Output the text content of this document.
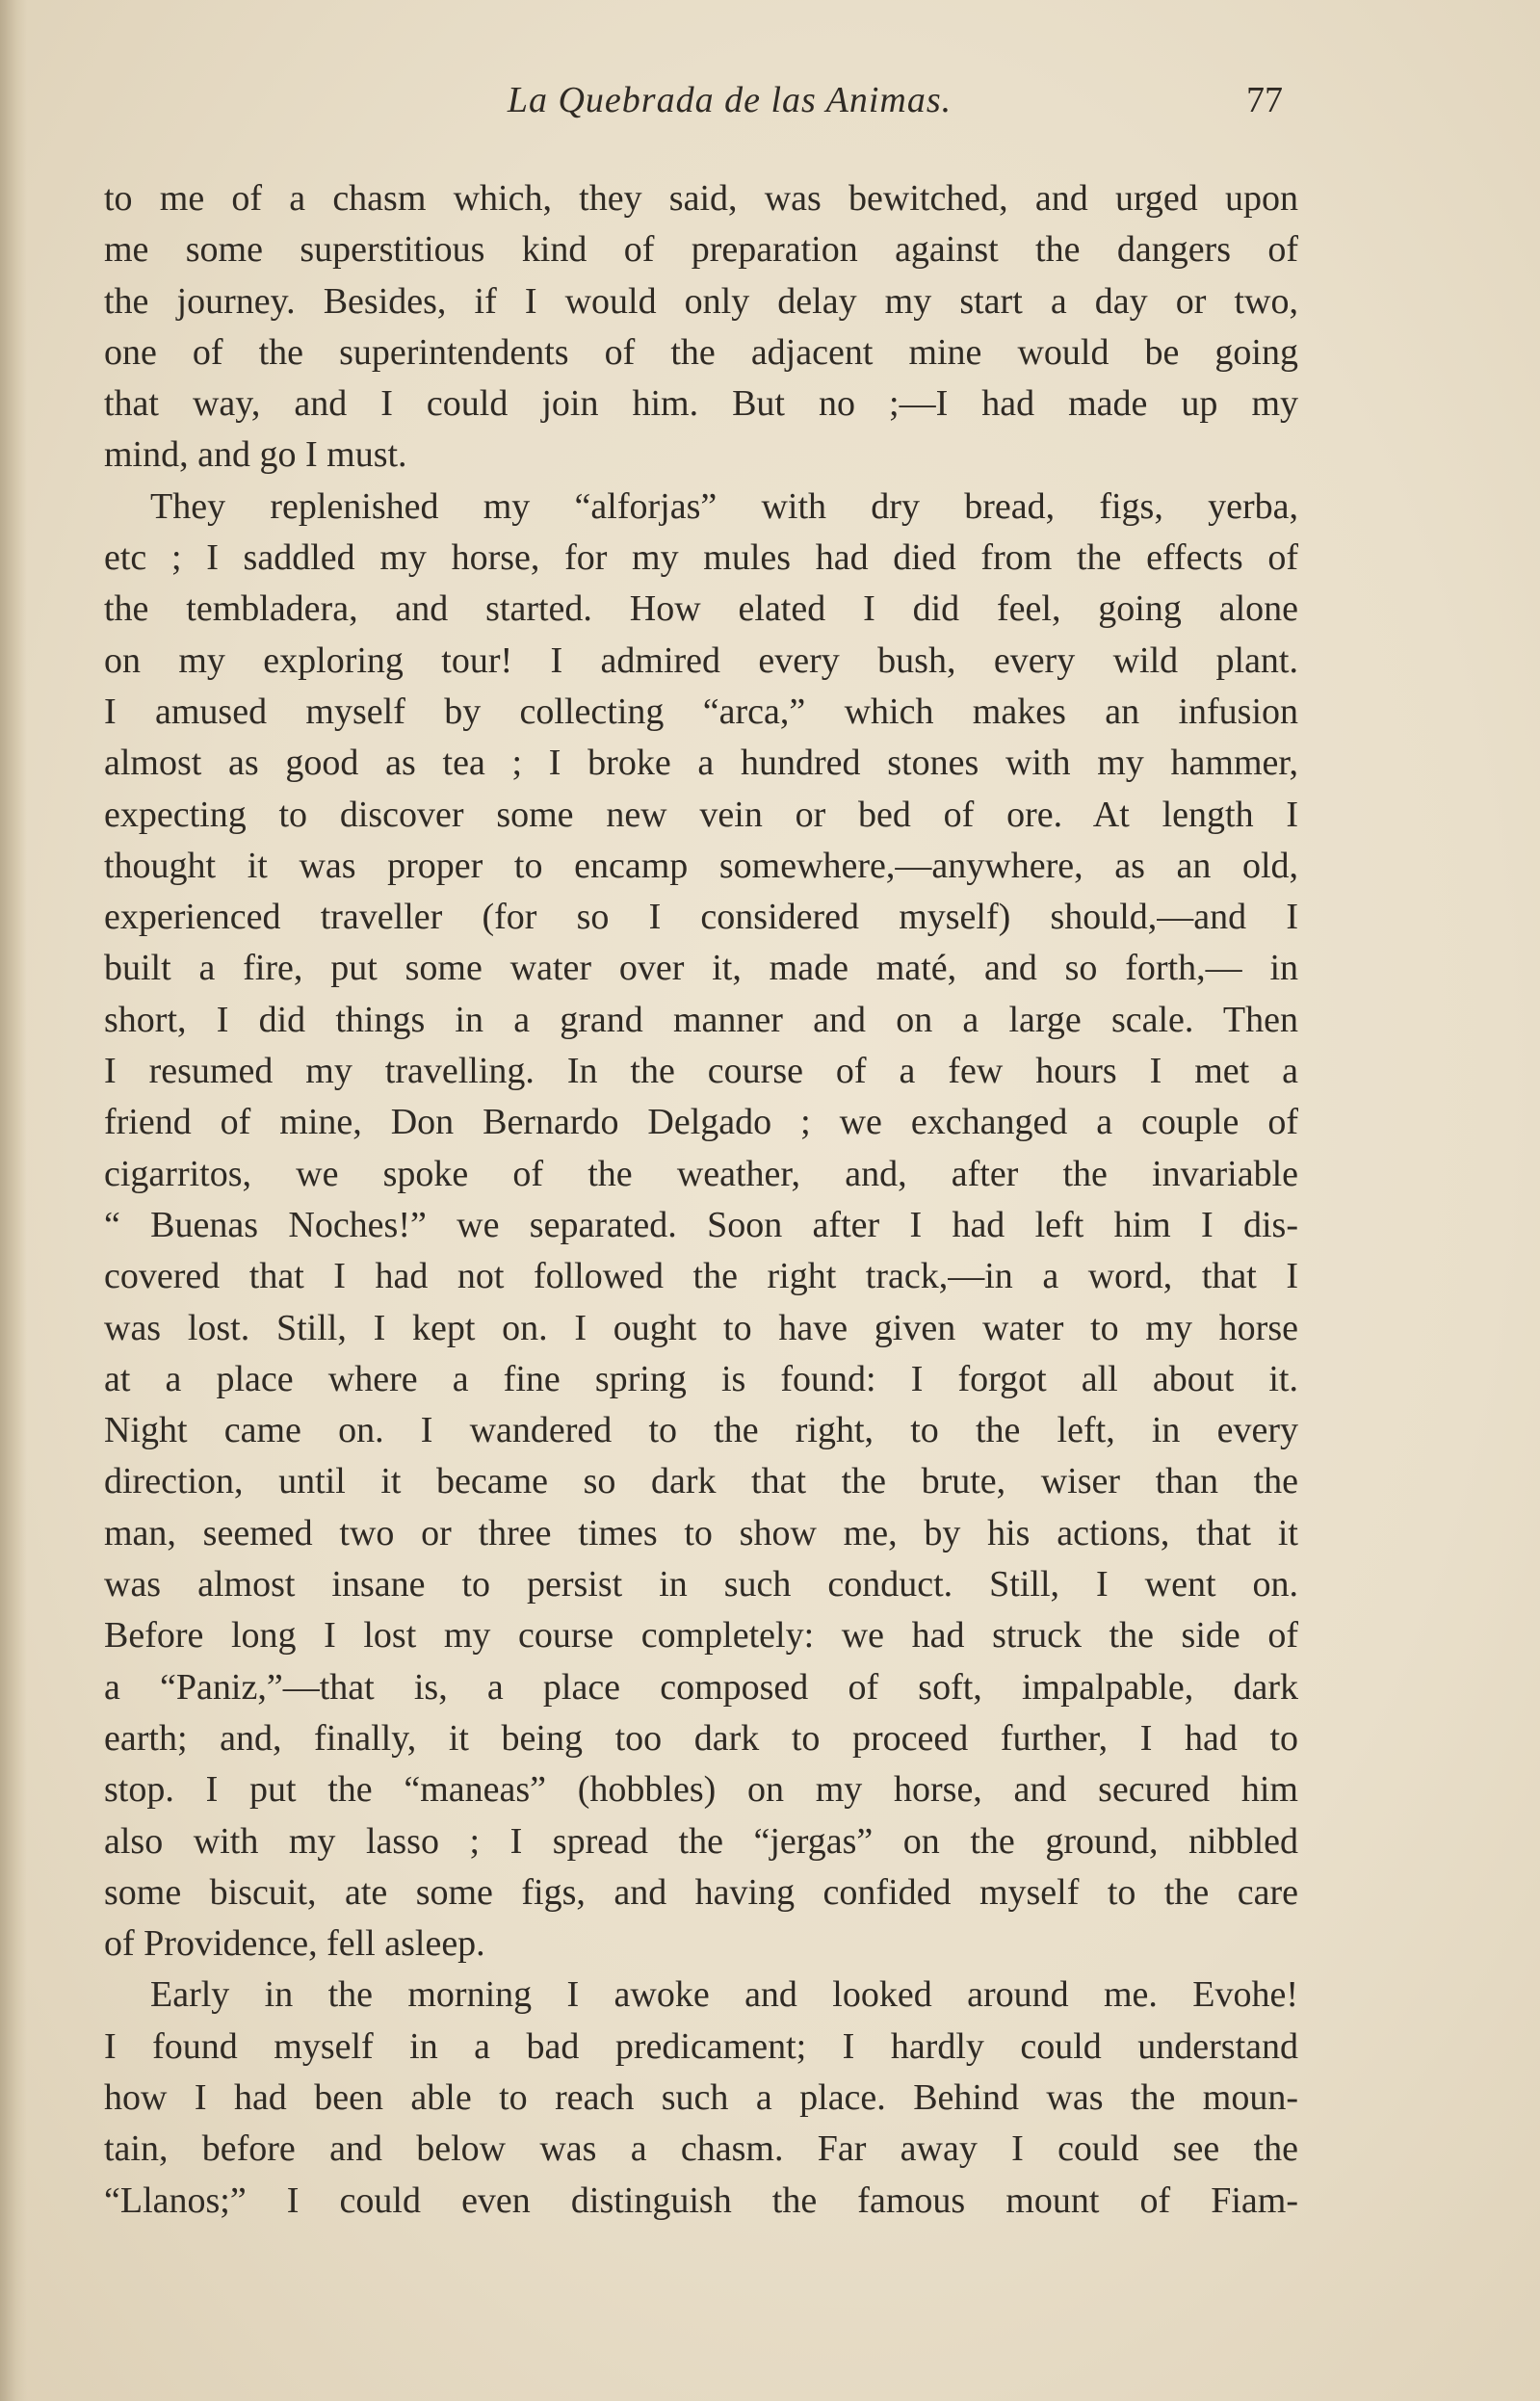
La Quebrada de las Animas.	77
to me of a chasm which, they said, was bewitched, and urged upon
me some superstitious kind of preparation against the dangers of
the journey. Besides, if I would only delay my start a day or two,
one of the superintendents of the adjacent mine would be going
that way, and I could join him. But no ;—I had made up my
mind, and go I must.
They replenished my “alforjas” with dry bread, figs, yerba,
etc ; I saddled my horse, for my mules had died from the effects of
the tembladera, and started. How elated I did feel, going alone
on my exploring tour! I admired every bush, every wild plant.
I amused myself by collecting “arca,” which makes an infusion
almost as good as tea ; I broke a hundred stones with my hammer,
expecting to discover some new vein or bed of ore. At length I
thought it was proper to encamp somewhere,—anywhere, as an old,
experienced traveller (for so I considered myself) should,—and I
built a fire, put some water over it, made maté, and so forth,— in
short, I did things in a grand manner and on a large scale. Then
I resumed my travelling. In the course of a few hours I met a
friend of mine, Don Bernardo Delgado ; we exchanged a couple of
cigarritos, we spoke of the weather, and, after the invariable
“ Buenas Noches!” we separated. Soon after I had left him I dis-
covered that I had not followed the right track,—in a word, that I
was lost. Still, I kept on. I ought to have given water to my horse
at a place where a fine spring is found: I forgot all about it.
Night came on. I wandered to the right, to the left, in every
direction, until it became so dark that the brute, wiser than the
man, seemed two or three times to show me, by his actions, that it
was almost insane to persist in such conduct. Still, I went on.
Before long I lost my course completely: we had struck the side of
a “Paniz,”—that is, a place composed of soft, impalpable, dark
earth; and, finally, it being too dark to proceed further, I had to
stop. I put the “maneas” (hobbles) on my horse, and secured him
also with my lasso ; I spread the “jergas” on the ground, nibbled
some biscuit, ate some figs, and having confided myself to the care
of Providence, fell asleep.
Early in the morning I awoke and looked around me. Evohe!
I found myself in a bad predicament; I hardly could understand
how I had been able to reach such a place. Behind was the moun-
tain, before and below was a chasm. Far away I could see the
“Llanos;” I could even distinguish the famous mount of Fiam-
